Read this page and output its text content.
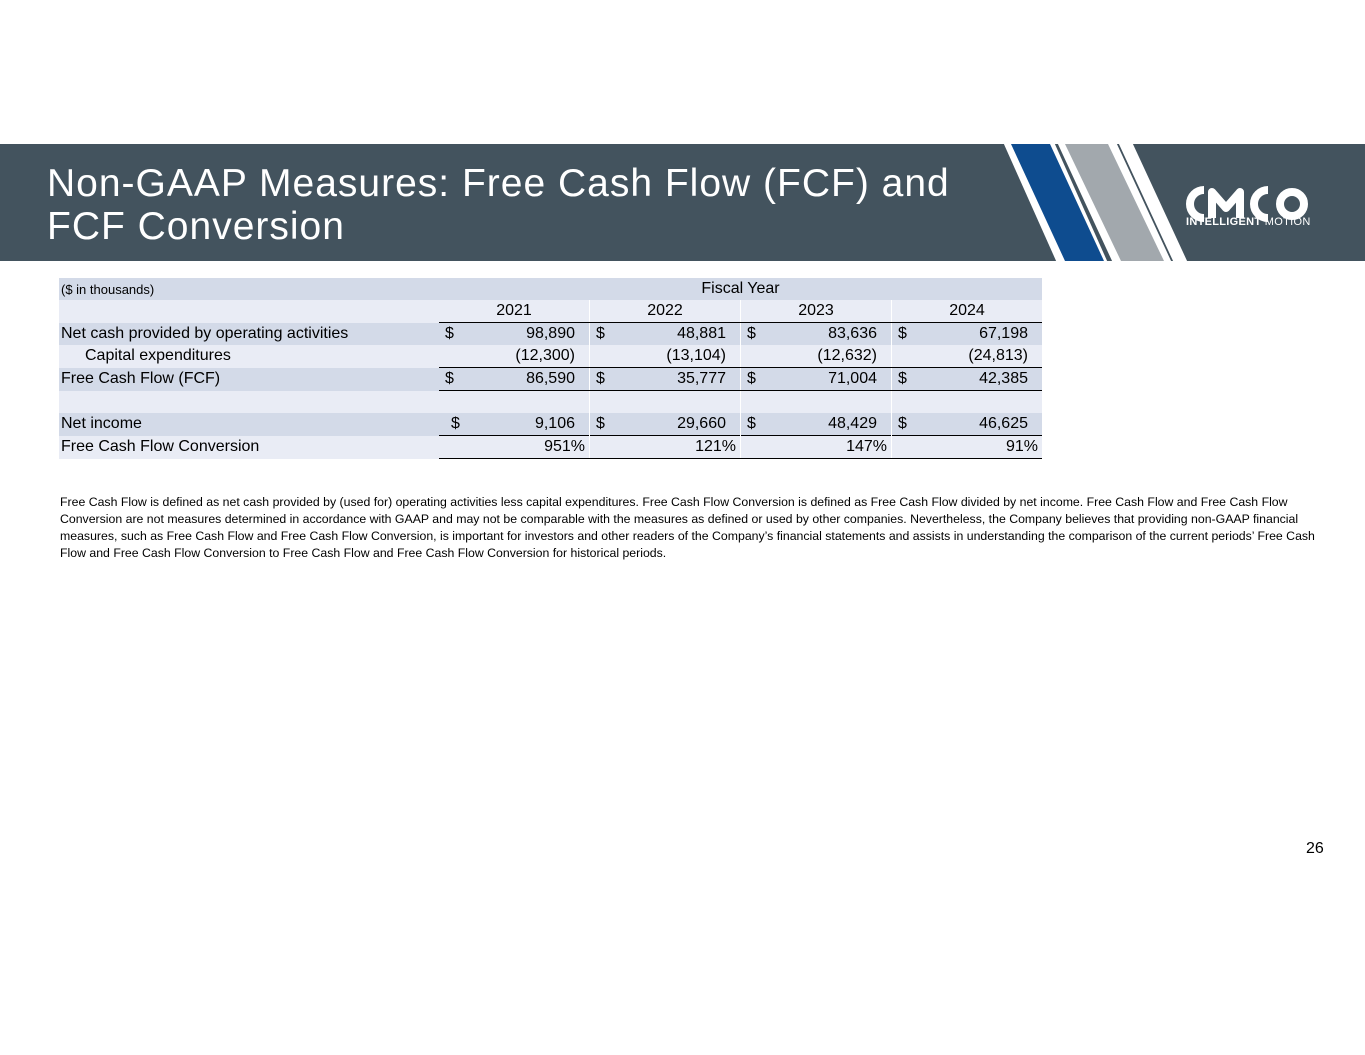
Non-GAAP Measures: Free Cash Flow (FCF) and FCF Conversion	INTELLIGENT MOTION
($ in thousands)	Fiscal Year			
	2021	2022	2023	2024
Net cash provided by operating activities	$ 98,890	$ 48,881	$ 83,636	$ 67,198

Capital expenditures	(12,300)	(13,104)	(12,632)	(24,813)
Free Cash Flow (FCF)	$ 86,590	$ 35,777	$ 71,004	$ 42,385

Net income	$ 9,106	$ 29,660	$ 48,429	$ 46,625

Free Cash Flow Conversion	951%	121%	147%	91%

Free Cash Flow is defined as net cash provided by (used for) operating activities less capital expenditures. Free Cash Flow Conversion is defined as Free Cash Flow divided by net income. Free Cash Flow and Free Cash Flow Conversion are not measures determined in accordance with GAAP and may not be comparable with the measures as defined or used by other companies. Nevertheless, the Company believes that providing non-GAAP financial measures, such as Free Cash Flow and Free Cash Flow Conversion, is important for investors and other readers of the Company’s financial statements and assists in understanding the comparison of the current periods’ Free Cash Flow and Free Cash Flow Conversion to Free Cash Flow and Free Cash Flow Conversion for historical periods.

26
